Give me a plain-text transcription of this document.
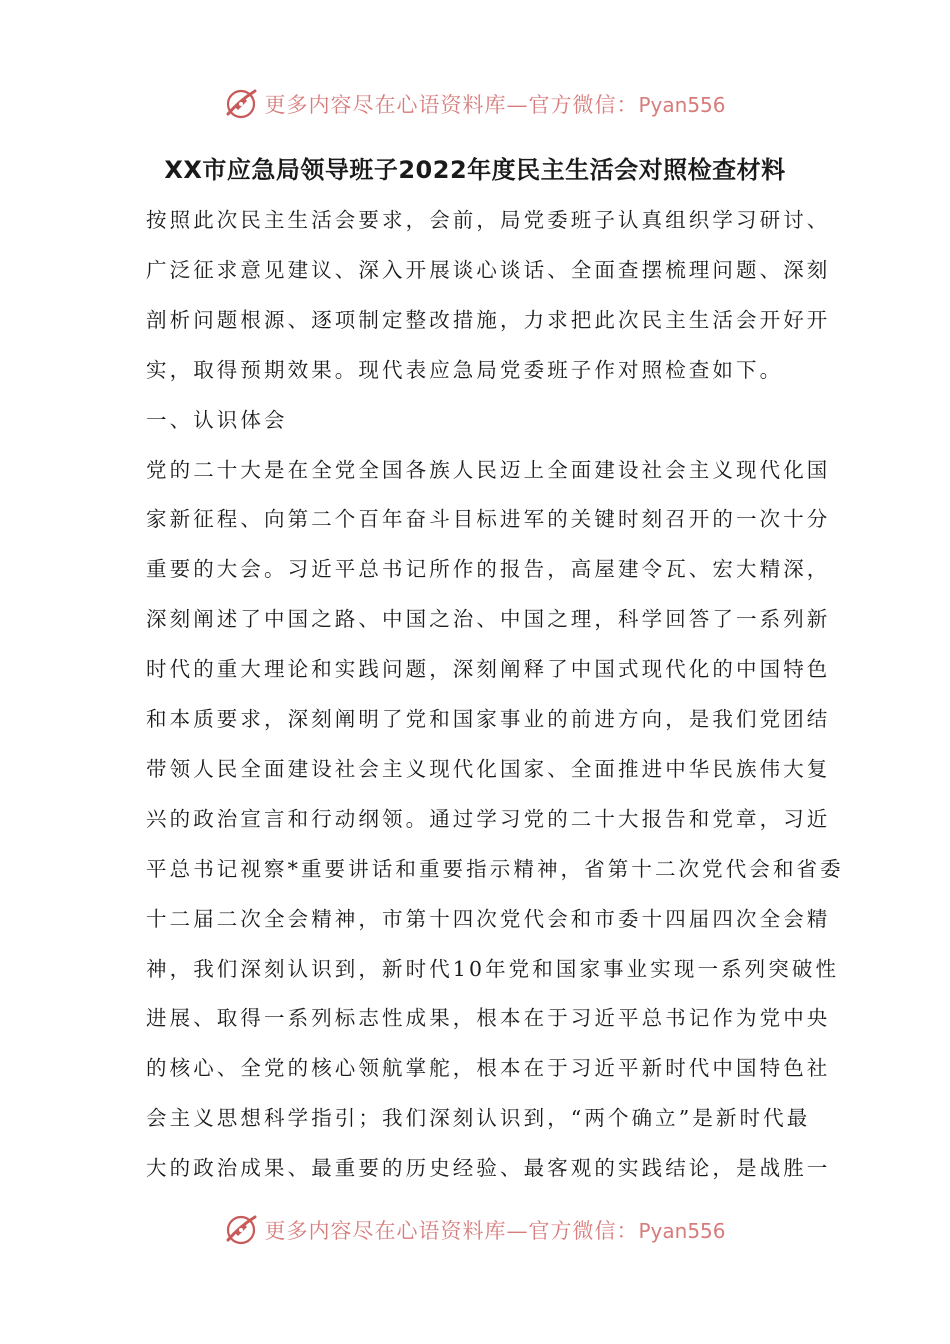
更多内容尽在心语资料库—官方微信：Pyan556
XX市应急局领导班子2022年度民主生活会对照检查材料
按照此次民主生活会要求，会前，局党委班子认真组织学习研讨、
广泛征求意见建议、深入开展谈心谈话、全面查摆梳理问题、深刻
剖析问题根源、逐项制定整改措施，力求把此次民主生活会开好开
实，取得预期效果。现代表应急局党委班子作对照检查如下。
一、认识体会
党的二十大是在全党全国各族人民迈上全面建设社会主义现代化国
家新征程、向第二个百年奋斗目标进军的关键时刻召开的一次十分
重要的大会。习近平总书记所作的报告，高屋建令瓦、宏大精深，
深刻阐述了中国之路、中国之治、中国之理，科学回答了一系列新
时代的重大理论和实践问题，深刻阐释了中国式现代化的中国特色
和本质要求，深刻阐明了党和国家事业的前进方向，是我们党团结
带领人民全面建设社会主义现代化国家、全面推进中华民族伟大复
兴的政治宣言和行动纲领。通过学习党的二十大报告和党章，习近
平总书记视察*重要讲话和重要指示精神，省第十二次党代会和省委
十二届二次全会精神，市第十四次党代会和市委十四届四次全会精
神，我们深刻认识到，新时代10年党和国家事业实现一系列突破性
进展、取得一系列标志性成果，根本在于习近平总书记作为党中央
的核心、全党的核心领航掌舵，根本在于习近平新时代中国特色社
会主义思想科学指引；我们深刻认识到，“两个确立”是新时代最
大的政治成果、最重要的历史经验、最客观的实践结论，是战胜一
更多内容尽在心语资料库—官方微信：Pyan556
